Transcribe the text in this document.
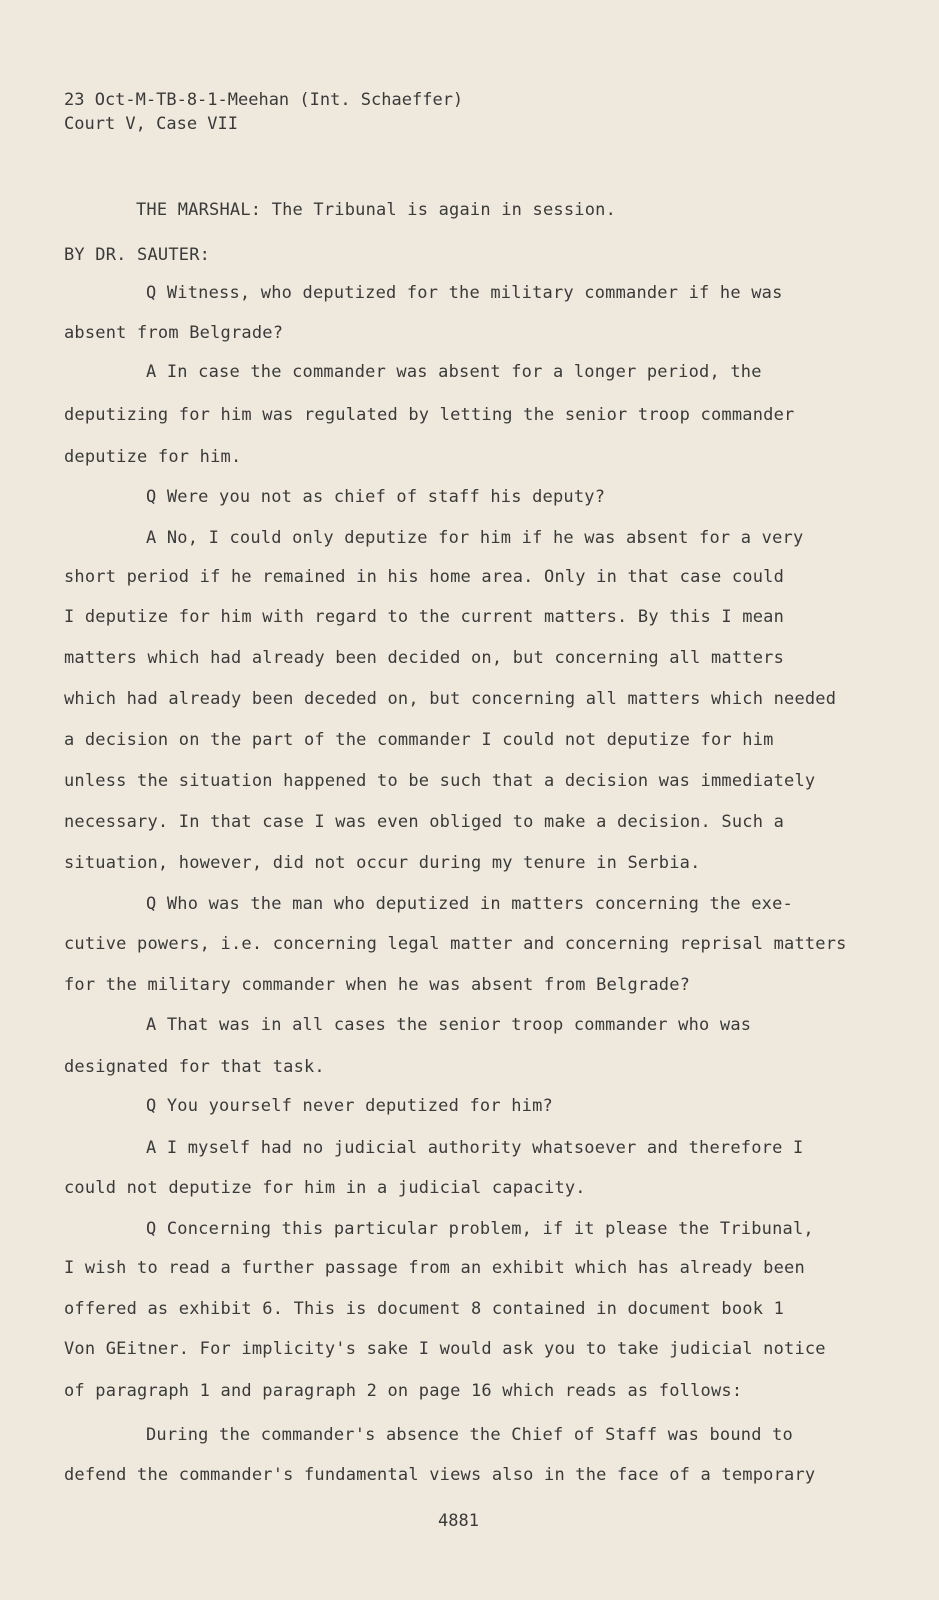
23 Oct-M-TB-8-1-Meehan (Int. Schaeffer)
Court V, Case VII
THE MARSHAL: The Tribunal is again in session.
BY DR. SAUTER:
Q Witness, who deputized for the military commander if he was
absent from Belgrade?
A In case the commander was absent for a longer period, the
deputizing for him was regulated by letting the senior troop commander
deputize for him.
Q Were you not as chief of staff his deputy?
A No, I could only deputize for him if he was absent for a very
short period if he remained in his home area. Only in that case could
I deputize for him with regard to the current matters. By this I mean
matters which had already been decided on, but concerning all matters
which had already been deceded on, but concerning all matters which needed
a decision on the part of the commander I could not deputize for him
unless the situation happened to be such that a decision was immediately
necessary. In that case I was even obliged to make a decision. Such a
situation, however, did not occur during my tenure in Serbia.
Q Who was the man who deputized in matters concerning the exe-
cutive powers, i.e. concerning legal matter and concerning reprisal matters
for the military commander when he was absent from Belgrade?
A That was in all cases the senior troop commander who was
designated for that task.
Q You yourself never deputized for him?
A I myself had no judicial authority whatsoever and therefore I
could not deputize for him in a judicial capacity.
Q Concerning this particular problem, if it please the Tribunal,
I wish to read a further passage from an exhibit which has already been
offered as exhibit 6. This is document 8 contained in document book 1
Von GEitner. For implicity's sake I would ask you to take judicial notice
of paragraph 1 and paragraph 2 on page 16 which reads as follows:
During the commander's absence the Chief of Staff was bound to
defend the commander's fundamental views also in the face of a temporary
4881
